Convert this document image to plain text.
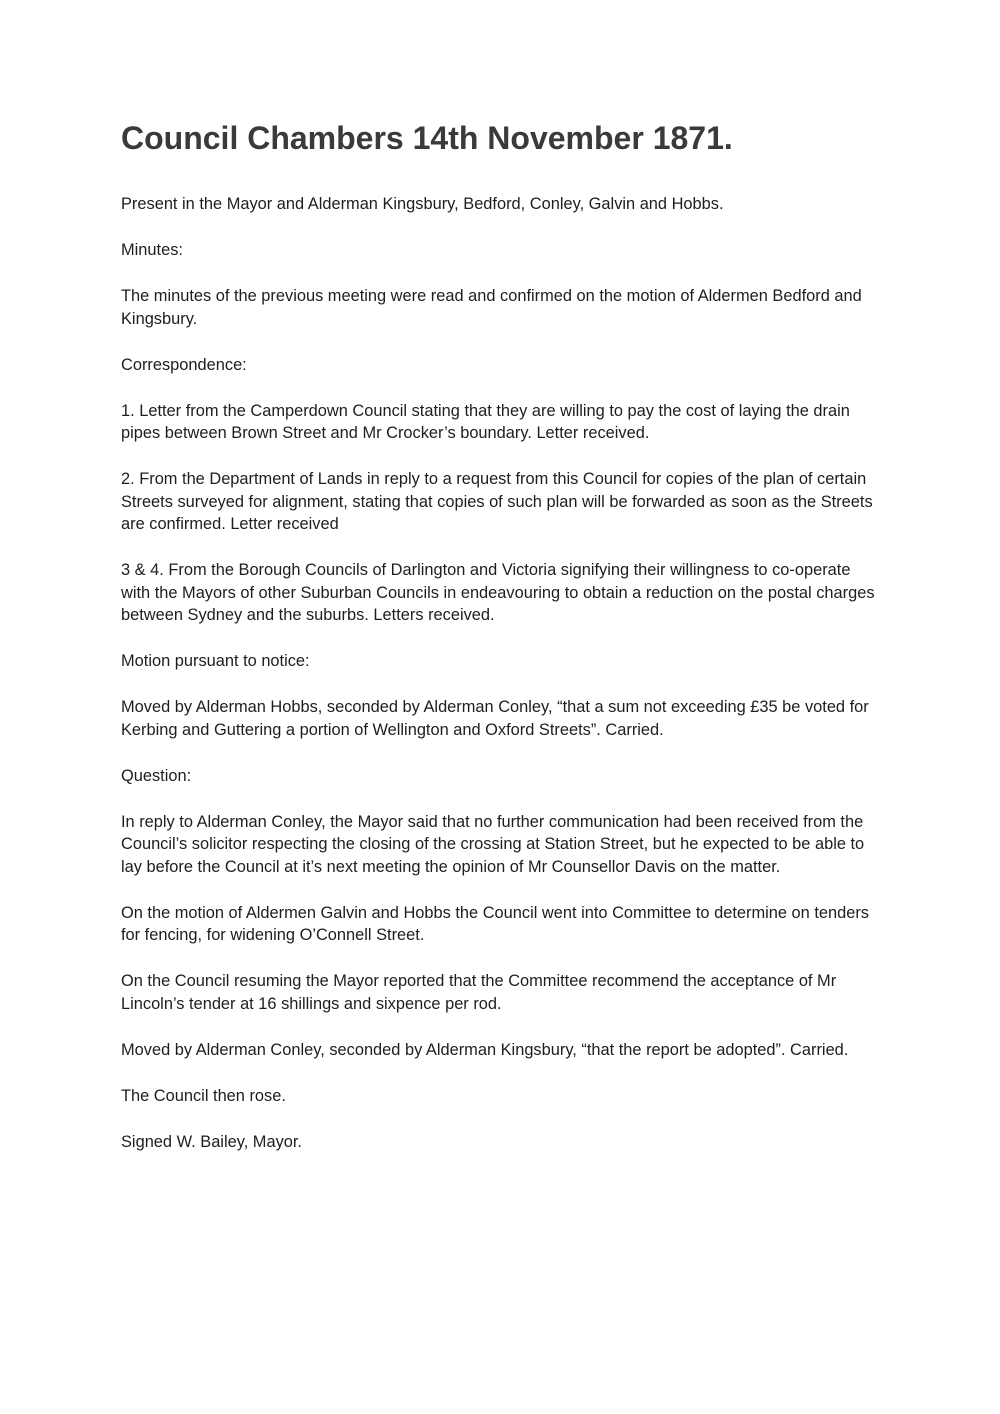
Council Chambers 14th November 1871.

Present in the Mayor and Alderman Kingsbury, Bedford, Conley, Galvin and Hobbs.

Minutes:

The minutes of the previous meeting were read and confirmed on the motion of Aldermen Bedford and Kingsbury.

Correspondence:

1. Letter from the Camperdown Council stating that they are willing to pay the cost of laying the drain pipes between Brown Street and Mr Crocker’s boundary. Letter received.

2. From the Department of Lands in reply to a request from this Council for copies of the plan of certain Streets surveyed for alignment, stating that copies of such plan will be forwarded as soon as the Streets are confirmed. Letter received

3 & 4. From the Borough Councils of Darlington and Victoria signifying their willingness to co-operate with the Mayors of other Suburban Councils in endeavouring to obtain a reduction on the postal charges between Sydney and the suburbs. Letters received.

Motion pursuant to notice:

Moved by Alderman Hobbs, seconded by Alderman Conley, “that a sum not exceeding £35 be voted for Kerbing and Guttering a portion of Wellington and Oxford Streets”. Carried.

Question:

In reply to Alderman Conley, the Mayor said that no further communication had been received from the Council’s solicitor respecting the closing of the crossing at Station Street, but he expected to be able to lay before the Council at it’s next meeting the opinion of Mr Counsellor Davis on the matter.

On the motion of Aldermen Galvin and Hobbs the Council went into Committee to determine on tenders for fencing, for widening O’Connell Street.

On the Council resuming the Mayor reported that the Committee recommend the acceptance of Mr Lincoln’s tender at 16 shillings and sixpence per rod.

Moved by Alderman Conley, seconded by Alderman Kingsbury, “that the report be adopted”. Carried.

The Council then rose.

Signed W. Bailey, Mayor.
